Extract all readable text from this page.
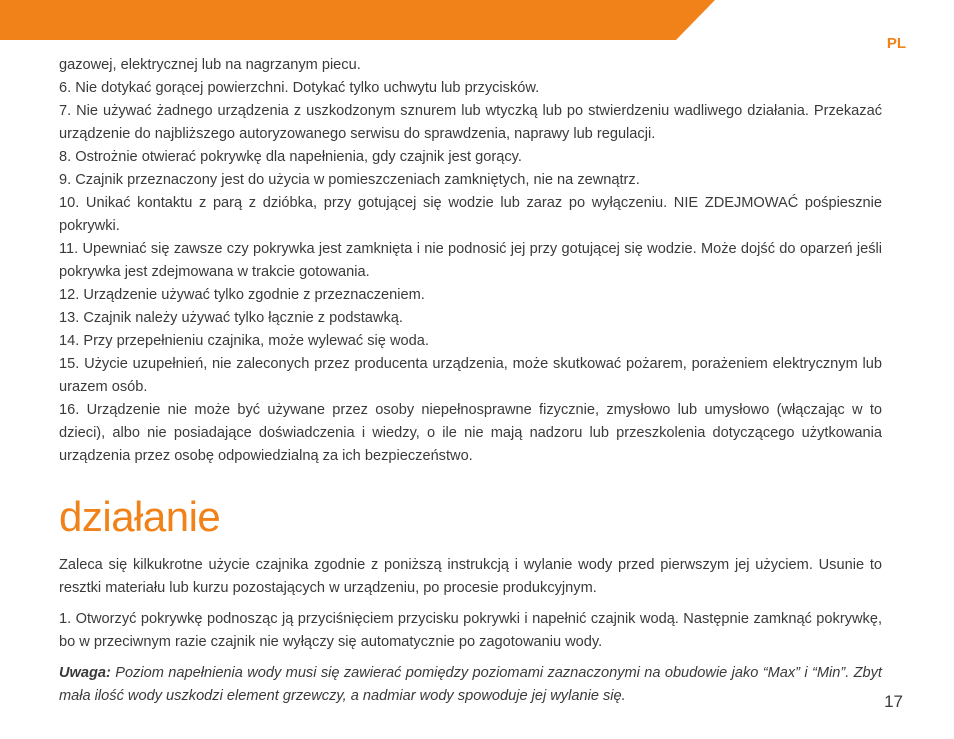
PL

gazowej, elektrycznej lub na nagrzanym piecu.

6. Nie dotykać gorącej powierzchni. Dotykać tylko uchwytu lub przycisków.

7. Nie używać żadnego urządzenia z uszkodzonym sznurem lub wtyczką lub po stwierdzeniu wadliwego działania. Przekazać urządzenie do najbliższego autoryzowanego serwisu do sprawdzenia, naprawy lub regulacji.

8. Ostrożnie otwierać pokrywkę dla napełnienia, gdy czajnik jest gorący.

9. Czajnik przeznaczony jest do użycia w pomieszczeniach zamkniętych, nie na zewnątrz.

10. Unikać kontaktu z parą z dzióbka, przy gotującej się wodzie lub zaraz po wyłączeniu. NIE ZDEJMOWAĆ pośpiesznie pokrywki.

11. Upewniać się zawsze czy pokrywka jest zamknięta i nie podnosić jej przy gotującej się wodzie. Może dojść do oparzeń jeśli pokrywka jest zdejmowana w trakcie gotowania.

12. Urządzenie używać tylko zgodnie z przeznaczeniem.

13. Czajnik należy używać tylko łącznie z podstawką.

14. Przy przepełnieniu czajnika, może wylewać się woda.

15. Użycie uzupełnień, nie zaleconych przez producenta urządzenia, może skutkować pożarem, porażeniem elektrycznym lub urazem osób.

16. Urządzenie nie może być używane przez osoby niepełnosprawne fizycznie, zmysłowo lub umysłowo (włączając w to dzieci), albo nie posiadające doświadczenia i wiedzy, o ile nie mają nadzoru lub przeszkolenia dotyczącego użytkowania urządzenia przez osobę odpowiedzialną za ich bezpieczeństwo.

działanie

Zaleca się kilkukrotne użycie czajnika zgodnie z poniższą instrukcją i wylanie wody przed pierwszym jej użyciem. Usunie to resztki materiału lub kurzu pozostających w urządzeniu, po procesie produkcyjnym.

1. Otworzyć pokrywkę podnosząc ją przyciśnięciem przycisku pokrywki i napełnić czajnik wodą. Następnie zamknąć pokrywkę, bo w przeciwnym razie czajnik nie wyłączy się automatycznie po zagotowaniu wody.

Uwaga: Poziom napełnienia wody musi się zawierać pomiędzy poziomami zaznaczonymi na obudowie jako “Max” i “Min”. Zbyt mała ilość wody uszkodzi element grzewczy, a nadmiar wody spowoduje jej wylanie się.	17
